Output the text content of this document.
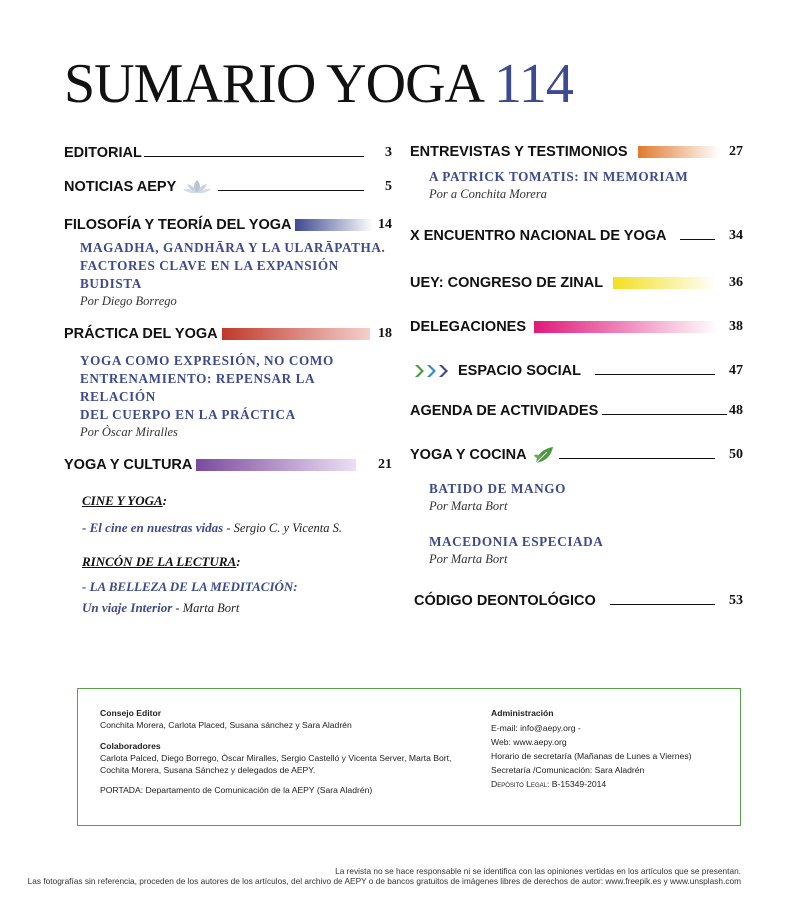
SUMARIO YOGA 114
EDITORIAL	3
NOTICIAS AEPY	5
FILOSOFÍA Y TEORÍA DEL YOGA	14
MAGADHA, GANDHĀRA Y LA ULARĀPATHA.
FACTORES CLAVE EN LA EXPANSIÓN BUDISTA
Por Diego Borrego
PRÁCTICA DEL YOGA	18
YOGA COMO EXPRESIÓN, NO COMO
ENTRENAMIENTO: REPENSAR LA RELACIÓN
DEL CUERPO EN LA PRÁCTICA
Por Òscar Miralles
YOGA Y CULTURA	21
CINE Y YOGA:
- El cine en nuestras vidas - Sergio C. y Vicenta S.
RINCÓN DE LA LECTURA:
- LA BELLEZA DE LA MEDITACIÓN:
Un viaje Interior - Marta Bort
ENTREVISTAS Y TESTIMONIOS	27
A PATRICK TOMATIS: IN MEMORIAM
Por a Conchita Morera
X ENCUENTRO NACIONAL DE YOGA	34
UEY: CONGRESO DE ZINAL	36
DELEGACIONES	38
ESPACIO SOCIAL	47
AGENDA DE ACTIVIDADES	48
YOGA Y COCINA	50
BATIDO DE MANGO
Por Marta Bort
MACEDONIA ESPECIADA
Por Marta Bort
CÓDIGO DEONTOLÓGICO	53
Consejo Editor
Conchita Morera, Carlota Placed, Susana sánchez y Sara Aladrén
Colaboradores
Carlota Palced, Diego Borrego, Òscar Miralles, Sergio Castelló y Vicenta Server, Marta Bort,
Cochita Morera, Susana Sánchez y delegados de AEPY.
PORTADA: Departamento de Comunicación de la AEPY (Sara Aladrén)
Administración
E-mail: info@aepy.org -
Web: www.aepy.org
Horario de secretaría (Mañanas de Lunes a Viernes)
Secretaría /Comunicación: Sara Aladrén
Depósito Legal: B-15349-2014
La revista no se hace responsable ni se identifica con las opiniones vertidas en los artículos que se presentan.
Las fotografías sin referencia, proceden de los autores de los artículos, del archivo de AEPY o de bancos gratuitos de imágenes libres de derechos de autor: www.freepik.es y www.unsplash.com
